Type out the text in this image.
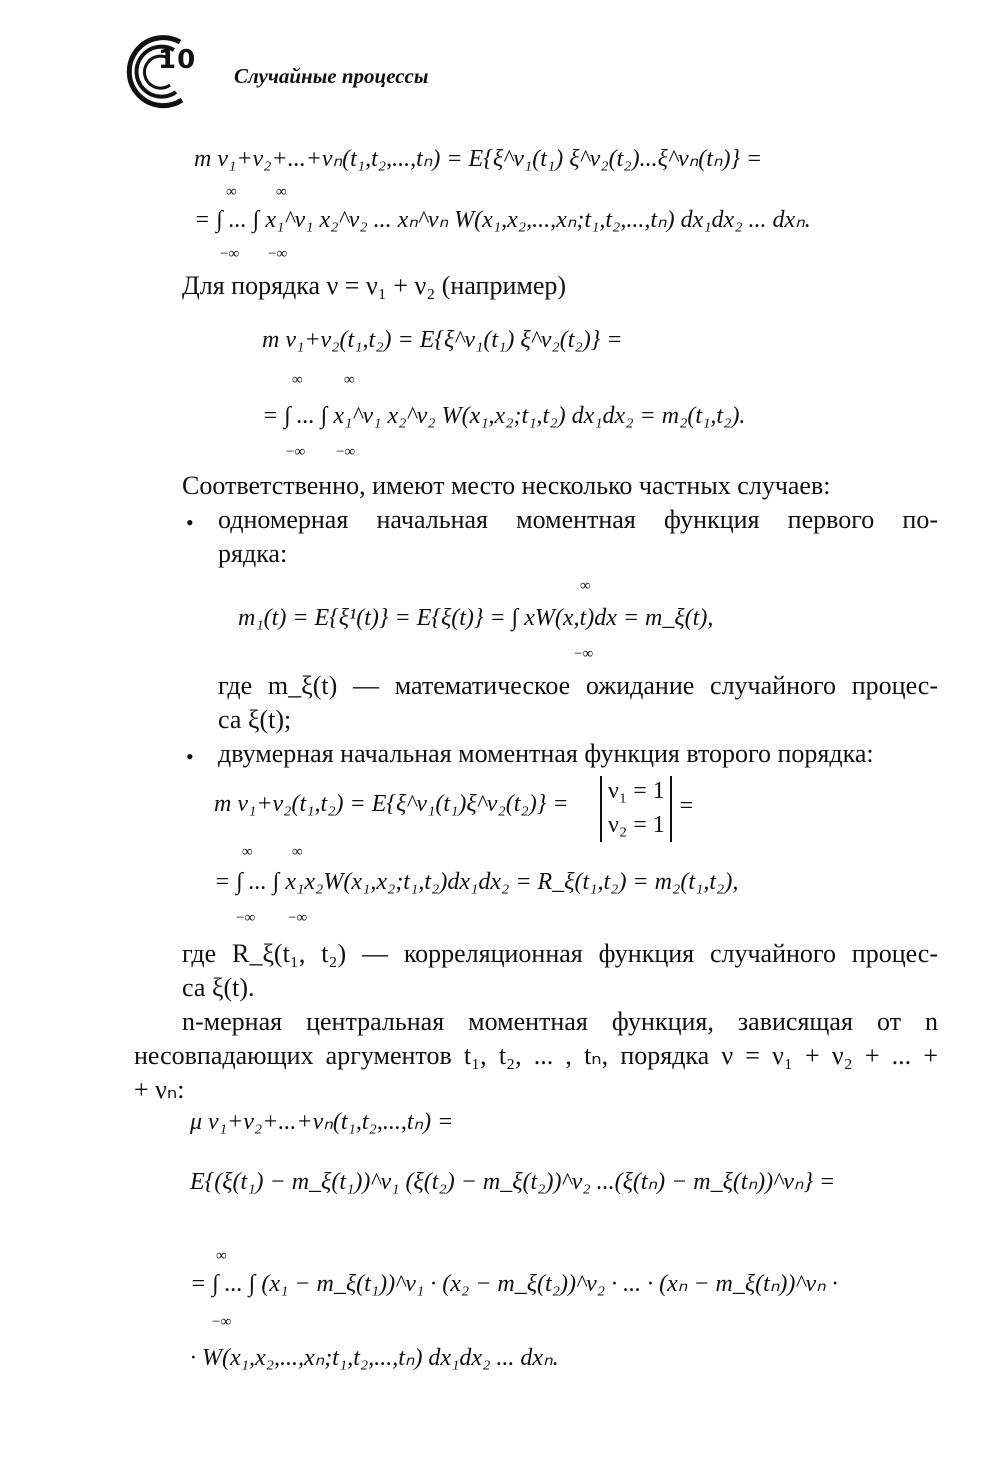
10
Случайные процессы
m ν₁+ν₂+...+νₙ(t₁,t₂,...,tₙ) = E{ξ^ν₁(t₁) ξ^ν₂(t₂)...ξ^νₙ(tₙ)} =
∞	∞
= ∫ ... ∫ x₁^ν₁ x₂^ν₂ ... xₙ^νₙ W(x₁,x₂,...,xₙ;t₁,t₂,...,tₙ) dx₁dx₂ ... dxₙ.
−∞ −∞
Для порядка ν = ν₁ + ν₂ (например)
m ν₁+ν₂(t₁,t₂) = E{ξ^ν₁(t₁) ξ^ν₂(t₂)} =
∞	∞
= ∫ ... ∫ x₁^ν₁ x₂^ν₂ W(x₁,x₂;t₁,t₂) dx₁dx₂ = m₂(t₁,t₂).
−∞ −∞
Соответственно, имеют место несколько частных случаев:
• одномерная начальная моментная функция первого по-
рядка:
∞
m₁(t) = E{ξ¹(t)} = E{ξ(t)} = ∫ xW(x,t)dx = m_ξ(t),
−∞
где m_ξ(t) — математическое ожидание случайного процес-
са ξ(t);
• двумерная начальная моментная функция второго порядка:
m ν₁+ν₂(t₁,t₂) = E{ξ^ν₁(t₁)ξ^ν₂(t₂)} = ν₁ = 1
ν₂ = 1
=
∞	∞
= ∫ ... ∫ x₁x₂W(x₁,x₂;t₁,t₂)dx₁dx₂ = R_ξ(t₁,t₂) = m₂(t₁,t₂),
−∞ −∞
где R_ξ(t₁, t₂) — корреляционная функция случайного процес-
са ξ(t).
n-мерная центральная моментная функция, зависящая от n
несовпадающих аргументов t₁, t₂, ... , tₙ, порядка ν = ν₁ + ν₂ + ... +
+ νₙ:
μ ν₁+ν₂+...+νₙ(t₁,t₂,...,tₙ) =
E{(ξ(t₁) − m_ξ(t₁))^ν₁ (ξ(t₂) − m_ξ(t₂))^ν₂ ...(ξ(tₙ) − m_ξ(tₙ))^νₙ} =
∞
= ∫ ... ∫ (x₁ − m_ξ(t₁))^ν₁ · (x₂ − m_ξ(t₂))^ν₂ · ... · (xₙ − m_ξ(tₙ))^νₙ ·
−∞
· W(x₁,x₂,...,xₙ;t₁,t₂,...,tₙ) dx₁dx₂ ... dxₙ.
